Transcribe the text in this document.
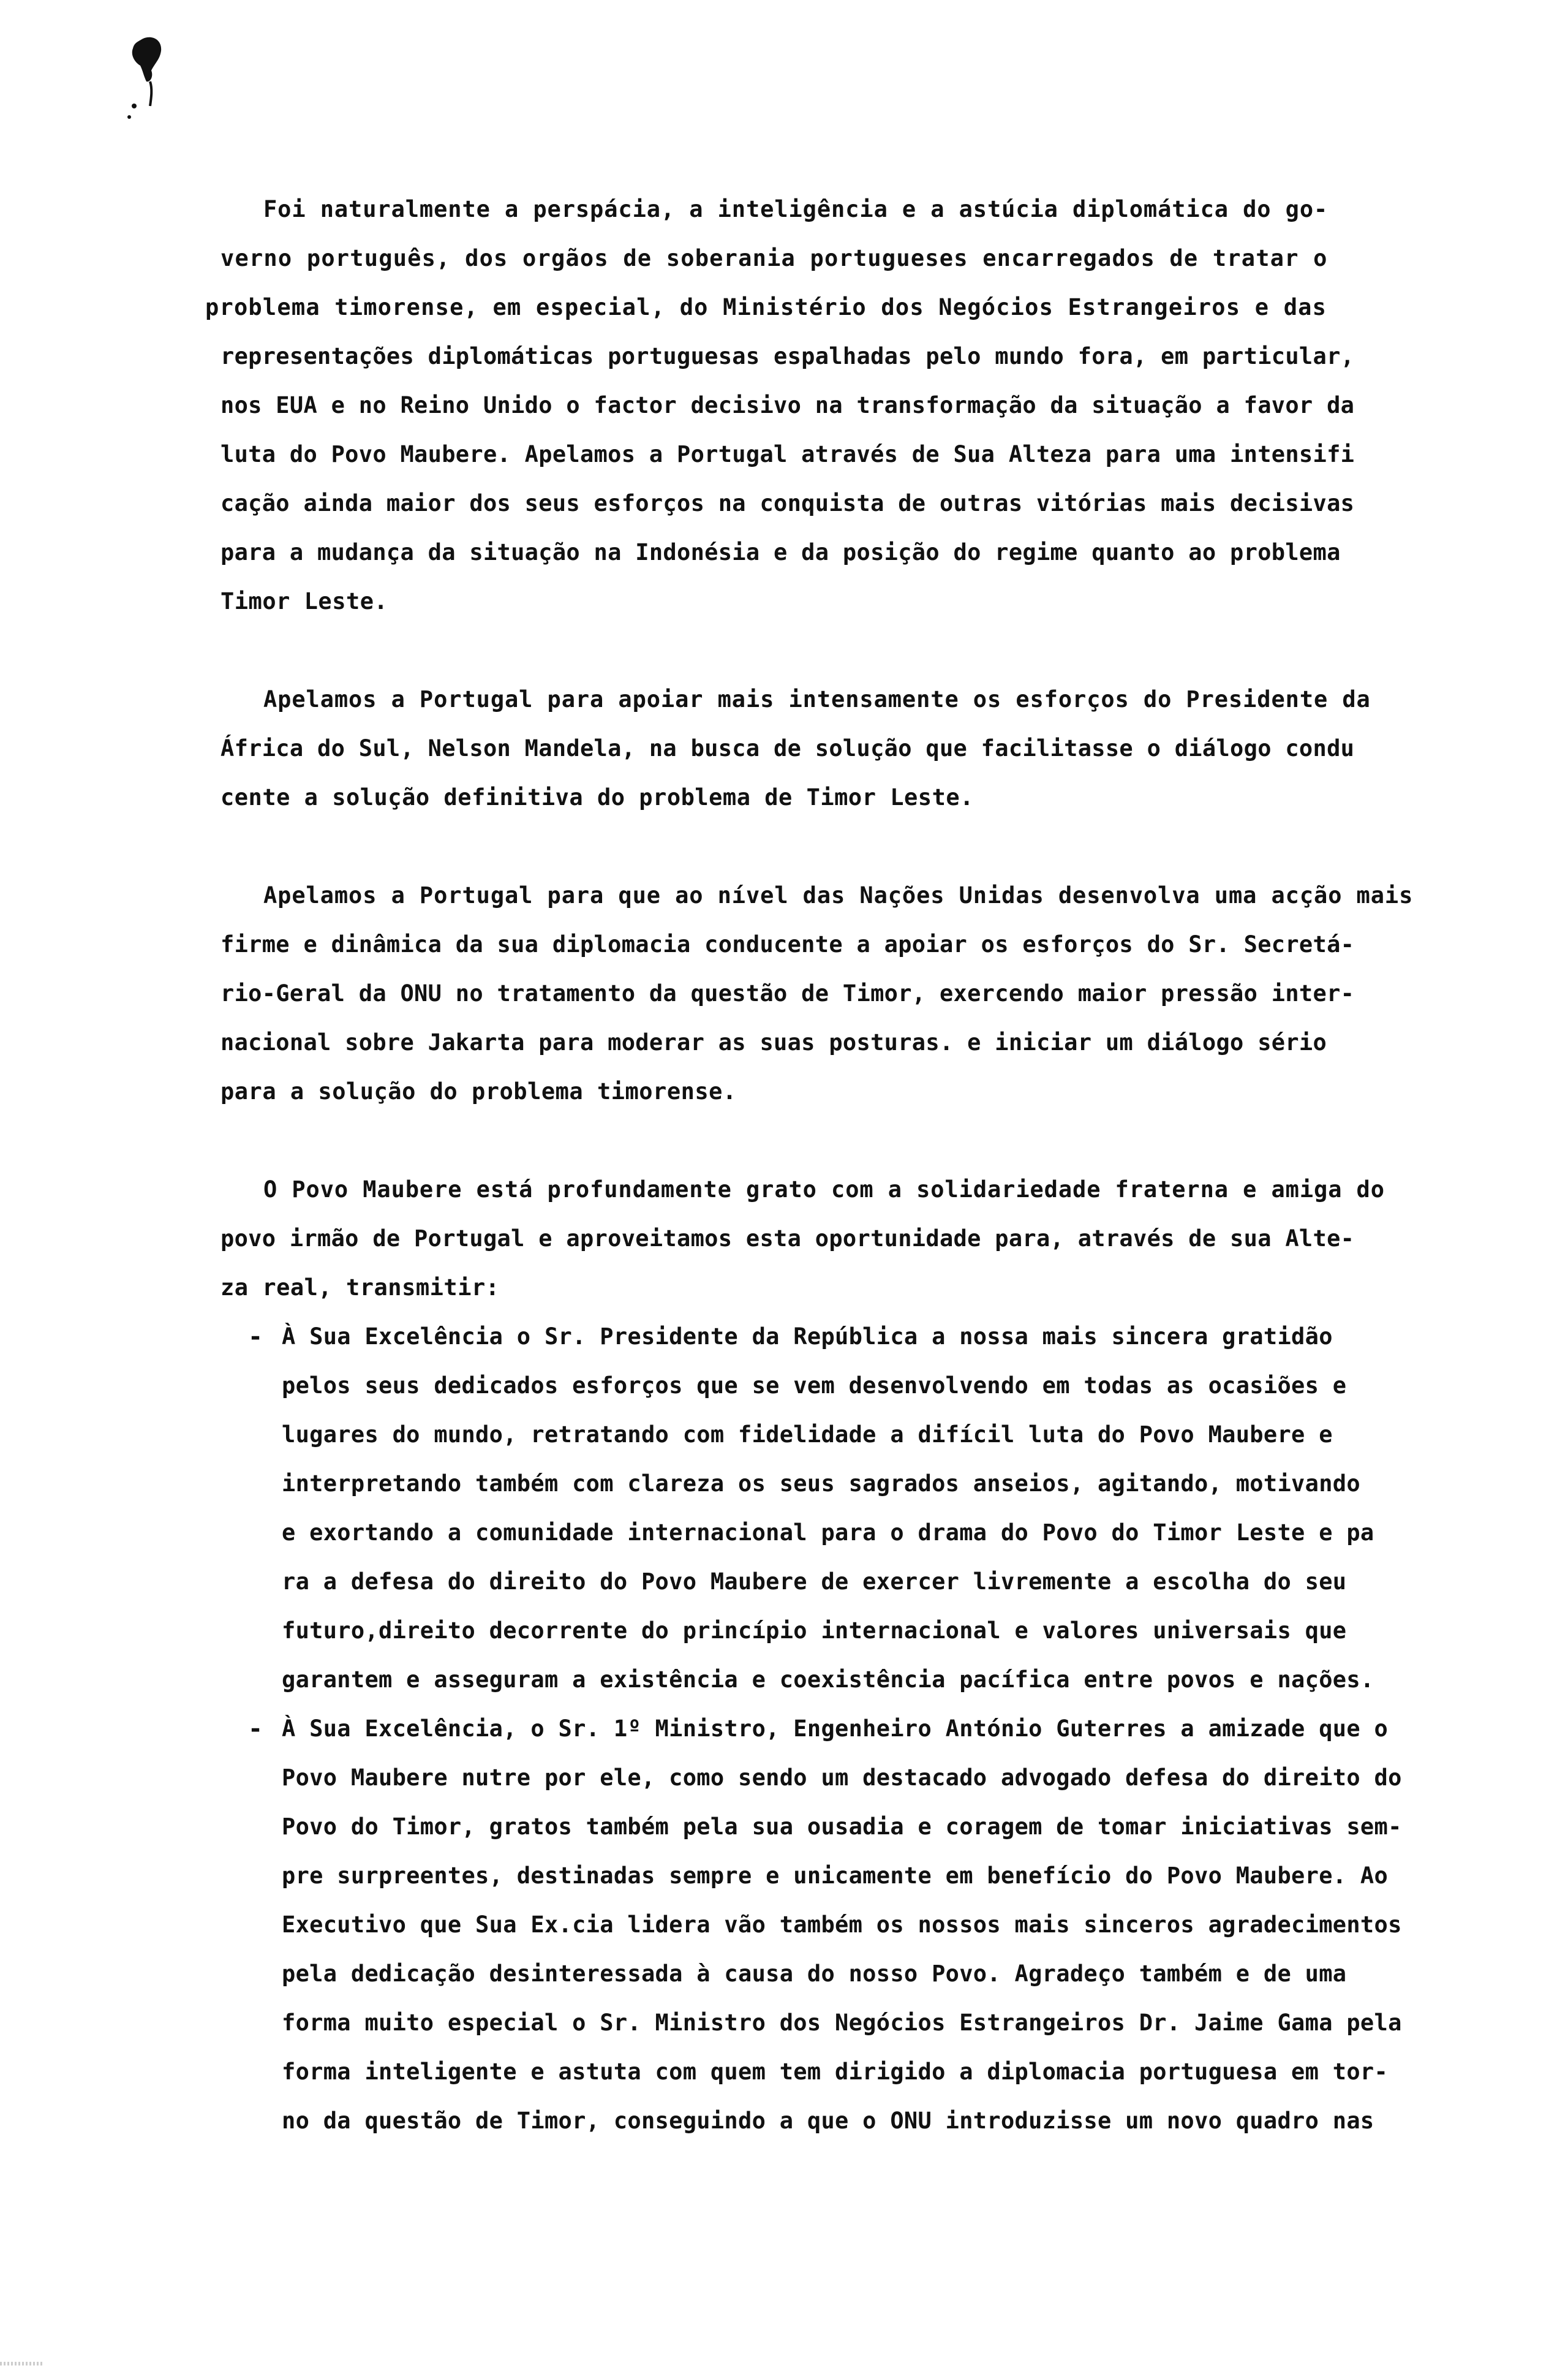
Foi naturalmente a perspácia, a inteligência e a astúcia diplomática do go-
verno português, dos orgãos de soberania portugueses encarregados de tratar o
problema timorense, em especial, do Ministério dos Negócios Estrangeiros e das
representações diplomáticas portuguesas espalhadas pelo mundo fora, em particular,
nos EUA e no Reino Unido o factor decisivo na transformação da situação a favor da
luta do Povo Maubere. Apelamos a Portugal através de Sua Alteza para uma intensifi
cação ainda maior dos seus esforços na conquista de outras vitórias mais decisivas
para a mudança da situação na Indonésia e da posição do regime quanto ao problema
Timor Leste.
Apelamos a Portugal para apoiar mais intensamente os esforços do Presidente da
África do Sul, Nelson Mandela, na busca de solução que facilitasse o diálogo condu
cente a solução definitiva do problema de Timor Leste.
Apelamos a Portugal para que ao nível das Nações Unidas desenvolva uma acção mais
firme e dinâmica da sua diplomacia conducente a apoiar os esforços do Sr. Secretá-
rio-Geral da ONU no tratamento da questão de Timor, exercendo maior pressão inter-
nacional sobre Jakarta para moderar as suas posturas. e iniciar um diálogo sério
para a solução do problema timorense.
O Povo Maubere está profundamente grato com a solidariedade fraterna e amiga do
povo irmão de Portugal e aproveitamos esta oportunidade para, através de sua Alte-
za real, transmitir:
- À Sua Excelência o Sr. Presidente da República a nossa mais sincera gratidão
pelos seus dedicados esforços que se vem desenvolvendo em todas as ocasiões e
lugares do mundo, retratando com fidelidade a difícil luta do Povo Maubere e
interpretando também com clareza os seus sagrados anseios, agitando, motivando
e exortando a comunidade internacional para o drama do Povo do Timor Leste e pa
ra a defesa do direito do Povo Maubere de exercer livremente a escolha do seu
futuro,direito decorrente do princípio internacional e valores universais que
garantem e asseguram a existência e coexistência pacífica entre povos e nações.
- À Sua Excelência, o Sr. 1º Ministro, Engenheiro António Guterres a amizade que o
Povo Maubere nutre por ele, como sendo um destacado advogado defesa do direito do
Povo do Timor, gratos também pela sua ousadia e coragem de tomar iniciativas sem-
pre surpreentes, destinadas sempre e unicamente em benefício do Povo Maubere. Ao
Executivo que Sua Ex.cia lidera vão também os nossos mais sinceros agradecimentos
pela dedicação desinteressada à causa do nosso Povo. Agradeço também e de uma
forma muito especial o Sr. Ministro dos Negócios Estrangeiros Dr. Jaime Gama pela
forma inteligente e astuta com quem tem dirigido a diplomacia portuguesa em tor-
no da questão de Timor, conseguindo a que o ONU introduzisse um novo quadro nas
